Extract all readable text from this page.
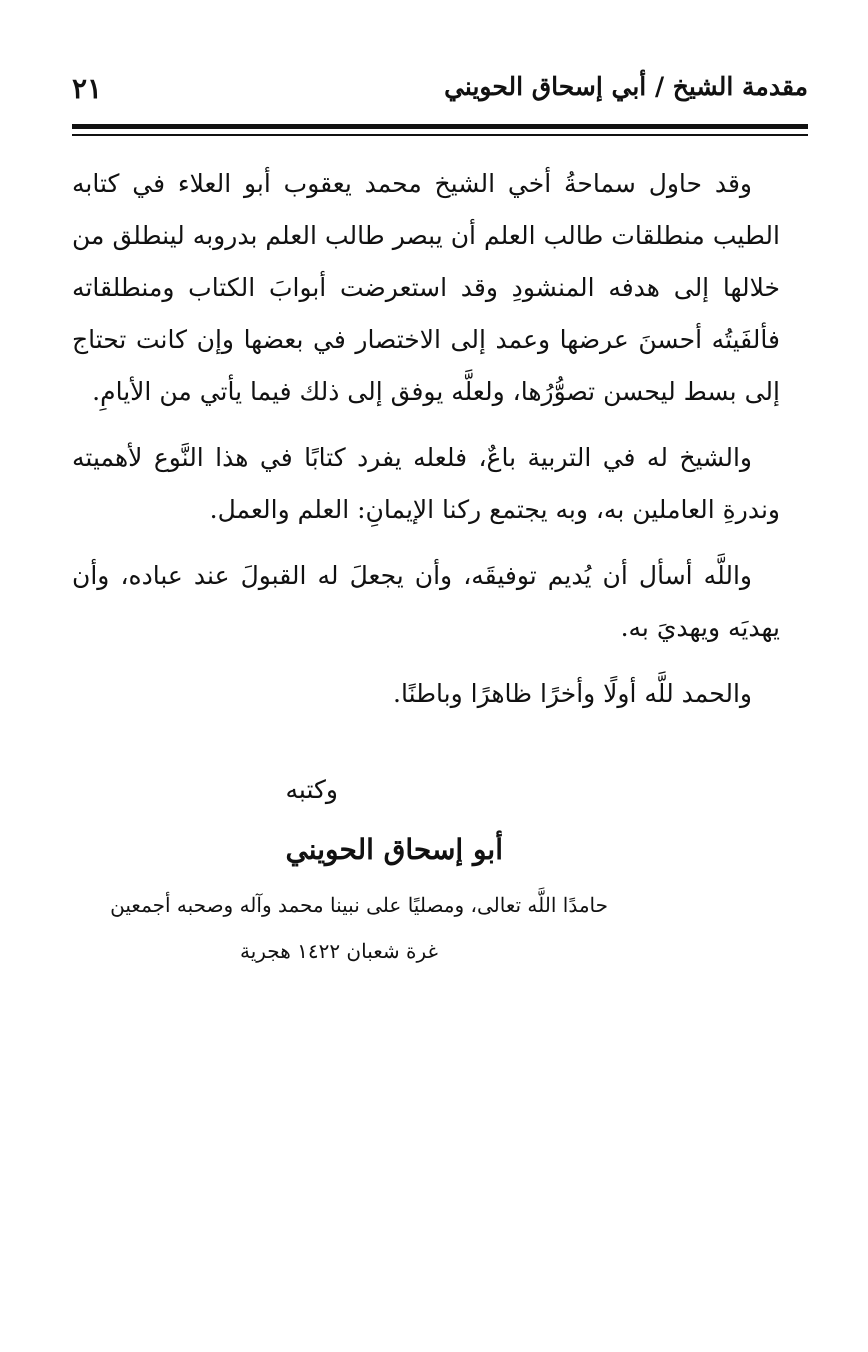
مقدمة الشيخ / أبي إسحاق الحويني
٢١

وقد حاول سماحةُ أخي الشيخ محمد يعقوب أبو العلاء في كتابه الطيب منطلقات طالب العلم أن يبصر طالب العلم بدروبه لينطلق من خلالها إلى هدفه المنشودِ وقد استعرضت أبوابَ الكتاب ومنطلقاته فألفَيتُه أحسنَ عرضها وعمد إلى الاختصار في بعضها وإن كانت تحتاج إلى بسط ليحسن تصوُّرُها، ولعلَّه يوفق إلى ذلك فيما يأتي من الأيامِ.

والشيخ له في التربية باعٌ، فلعله يفرد كتابًا في هذا النَّوع لأهميته وندرةِ العاملين به، وبه يجتمع ركنا الإيمانِ: العلم والعمل.

واللَّه أسأل أن يُديم توفيقَه، وأن يجعلَ له القبولَ عند عباده، وأن يهديَه ويهديَ به.

والحمد للَّه أولًا وأخرًا ظاهرًا وباطنًا.

وكتبه
أبو إسحاق الحويني
حامدًا اللَّه تعالى، ومصليًا على نبينا محمد وآله وصحبه أجمعين
غرة شعبان ١٤٢٢ هجرية
